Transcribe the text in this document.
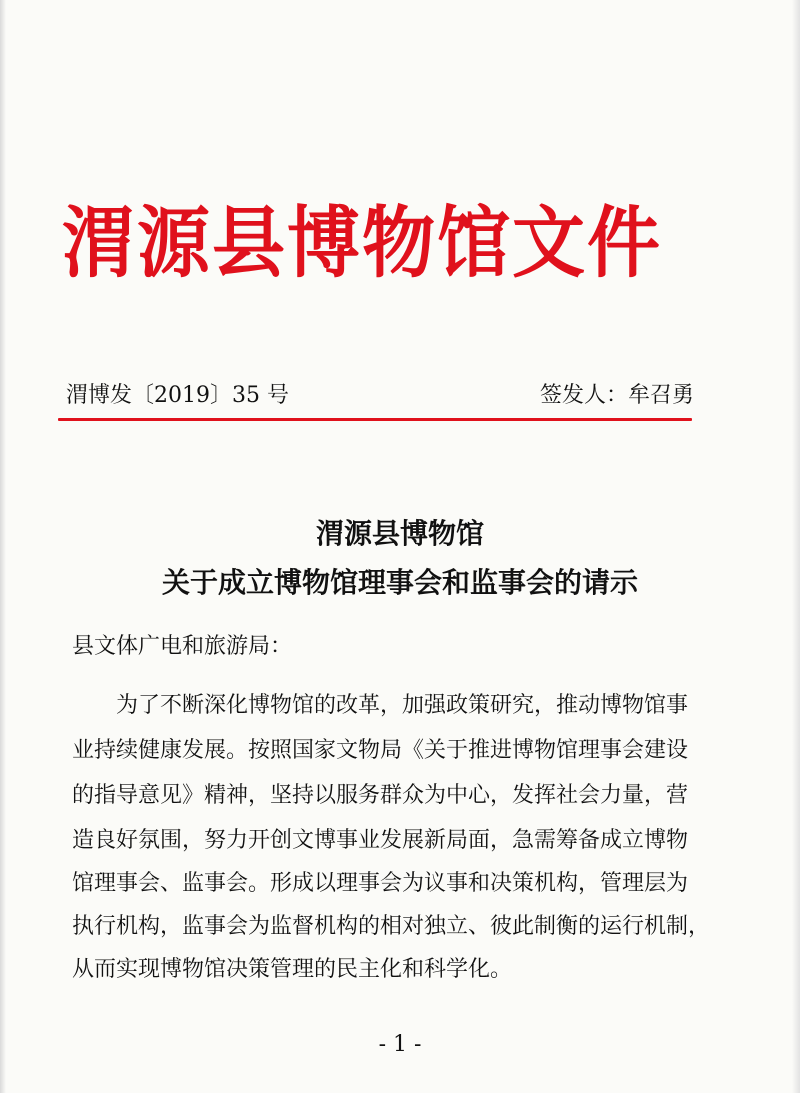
渭源县博物馆文件
渭博发〔2019〕35 号	签发人：牟召勇
渭源县博物馆
关于成立博物馆理事会和监事会的请示
县文体广电和旅游局：
为了不断深化博物馆的改革，加强政策研究，推动博物馆事
业持续健康发展。按照国家文物局《关于推进博物馆理事会建设
的指导意见》精神，坚持以服务群众为中心，发挥社会力量，营
造良好氛围，努力开创文博事业发展新局面，急需筹备成立博物
馆理事会、监事会。形成以理事会为议事和决策机构，管理层为
执行机构，监事会为监督机构的相对独立、彼此制衡的运行机制，
从而实现博物馆决策管理的民主化和科学化。
- 1 -
